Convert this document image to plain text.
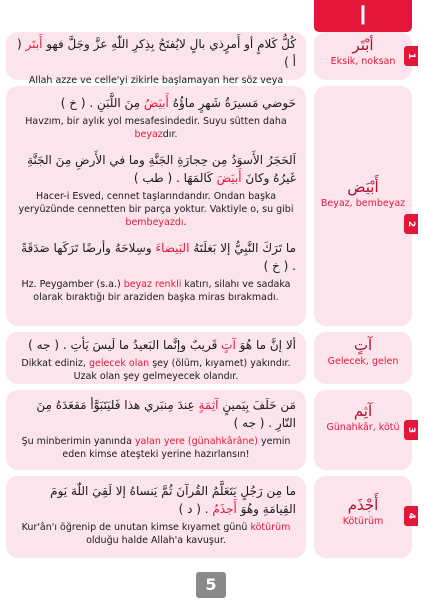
ا
كُلُّ كَلامٍ أو أَمرٍذي بالٍ لايُفتَحُ بِذِكرِ اللّٰهِ عزَّ وجَلَّ فهو أَبتَر ( أ )
Allah azze ve celle'yi zikirle başlamayan her söz veya
أبْتَر
Eksik, noksan	1
حَوضي مَسيرَةُ شَهرٍ ماؤُهُ أَبيَضُ مِنَ اللَّبَنِ . ( خ )
Havzım, bir aylık yol mesafesindedir. Suyu sütten daha beyazdır.
اَلحَجَرُ الأَسوَدُ مِن حِجارَةِ الجَنَّةِ وما في الأَرضِ مِنَ الجَنَّةِ غَيرُهُ وكانَ أَبيَضَ كَالمَهَا . ( طب )
Hacer-i Esved, cennet taşlarındandır. Ondan başka yeryüzünde cennetten bir parça yoktur. Vaktiyle o, su gibi bembeyazdı.
ما تَرَكَ النَّبِيُّ إلا بَغلَتَهُ البَيضاءَ وسِلاحَهُ وأرضًا تَرَكَها صَدَقَةً . ( خ )
Hz. Peygamber (s.a.) beyaz renkli katırı, silahı ve sadaka olarak bıraktığı bir araziden başka miras bırakmadı.
أَبْيَض
Beyaz, bembeyaz
2
ألا إنَّ ما هُوَ آتٍ قَريبٌ وإنَّما البَعيدُ ما لَيسَ يَأتِ . ( جه )
Dikkat ediniz, gelecek olan şey (ölüm, kıyamet) yakındır. Uzak olan şey gelmeyecek olandır.
آتٍ
Gelecek, gelen
مَن حَلَفَ بِيَمينٍ آثِمَةٍ عِندَ مِنبَري هذا فَليَتَبَوَّأ مَقعَدَهُ مِنَ النّارِ . ( جه )
Şu minberimin yanında yalan yere (günahkârâne) yemin eden kimse ateşteki yerine hazırlansın!
آثِم
Günahkâr, kötü 3
ما مِن رَجُلٍ يَتَعَلَّمُ القُرآنَ ثُمَّ يَنساهُ إلا لَقِيَ اللّٰهَ يَومَ القِيامَةِ وهُوَ أَجذَمُ . ( د )
Kur'ân'ı öğrenip de unutan kimse kıyamet günü kötürüm olduğu halde Allah'a kavuşur.
أَجْذَم
Kötürüm	4
5
